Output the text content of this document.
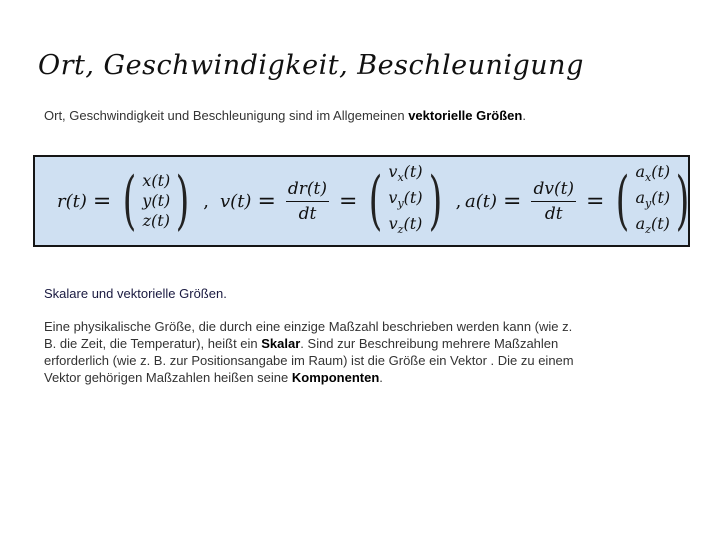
Ort, Geschwindigkeit, Beschleunigung
Ort, Geschwindigkeit und Beschleunigung sind im Allgemeinen vektorielle Größen.
r(t) = ( x(t)
y(t)
z(t) ) , $v(t) = \frac{dr(t)}{dt}$ = ( $v_x(t)$
$v_y(t)$
$v_z(t)$ ) , $a(t) = \frac{dv(t)}{dt}$ = ( $a_x(t)$
$a_y(t)$
$a_z(t)$ )
Skalare und vektorielle Größen.
Eine physikalische Größe, die durch eine einzige Maßzahl beschrieben werden kann (wie z. B. die Zeit, die Temperatur), heißt ein Skalar. Sind zur Beschreibung mehrere Maßzahlen erforderlich (wie z. B. zur Positionsangabe im Raum) ist die Größe ein Vektor . Die zu einem Vektor gehörigen Maßzahlen heißen seine Komponenten.
